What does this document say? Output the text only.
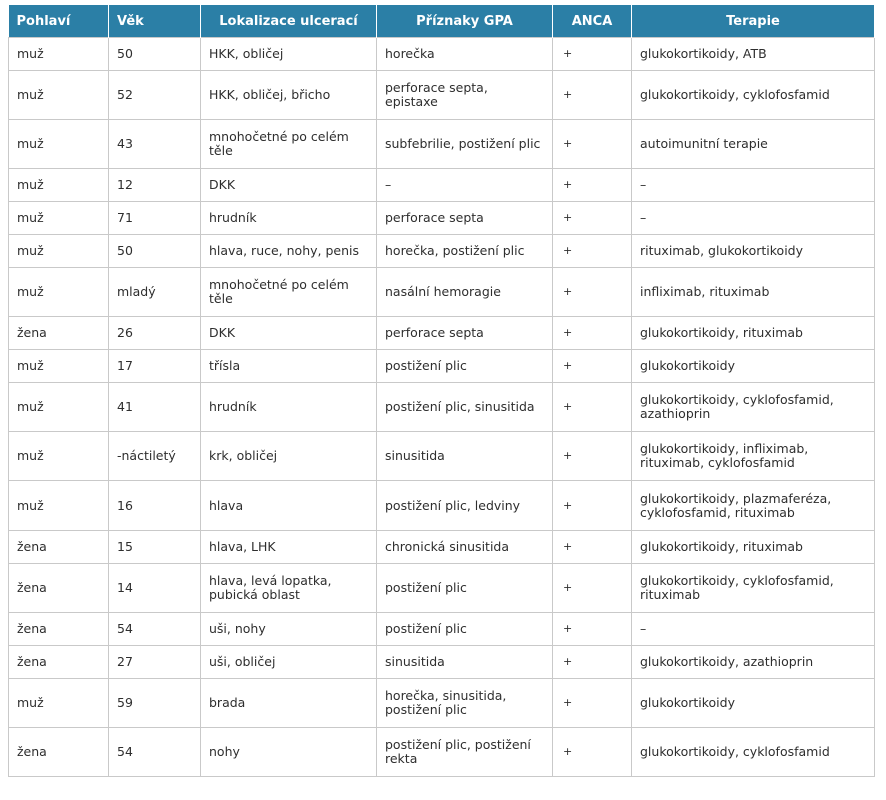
Pohlaví	Věk	Lokalizace ulcerací	Příznaky GPA	ANCA	Terapie
muž	50	HKK, obličej	horečka	+	glukokortikoidy, ATB
muž	52	HKK, obličej, břicho	perforace septa, epistaxe	+	glukokortikoidy, cyklofosfamid
muž	43	mnohočetné po celém těle	subfebrilie, postižení plic	+	autoimunitní terapie
muž	12	DKK	–	+	–
muž	71	hrudník	perforace septa	+	–
muž	50	hlava, ruce, nohy, penis	horečka, postižení plic	+	rituximab, glukokortikoidy
muž	mladý	mnohočetné po celém těle	nasální hemoragie	+	infliximab, rituximab
žena	26	DKK	perforace septa	+	glukokortikoidy, rituximab
muž	17	třísla	postižení plic	+	glukokortikoidy
muž	41	hrudník	postižení plic, sinusitida	+	glukokortikoidy, cyklofosfamid, azathioprin
muž	-náctiletý	krk, obličej	sinusitida	+	glukokortikoidy, infliximab, rituximab, cyklofosfamid
muž	16	hlava	postižení plic, ledviny	+	glukokortikoidy, plazmaferéza, cyklofosfamid, rituximab
žena	15	hlava, LHK	chronická sinusitida	+	glukokortikoidy, rituximab
žena	14	hlava, levá lopatka, pubická oblast	postižení plic	+	glukokortikoidy, cyklofosfamid, rituximab
žena	54	uši, nohy	postižení plic	+	–
žena	27	uši, obličej	sinusitida	+	glukokortikoidy, azathioprin
muž	59	brada	horečka, sinusitida, postižení plic	+	glukokortikoidy
žena	54	nohy	postižení plic, postižení rekta	+	glukokortikoidy, cyklofosfamid
